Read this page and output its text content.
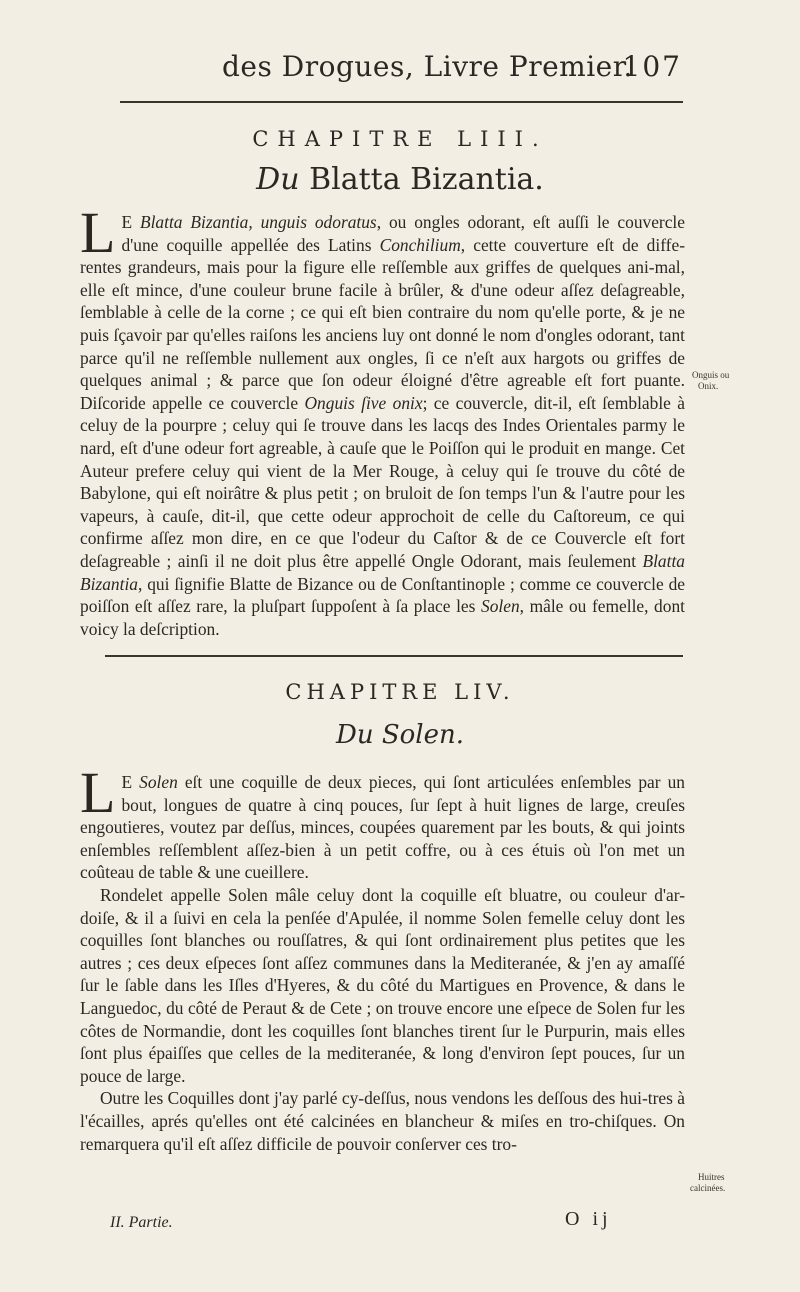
des Drogues, Livre Premier.
107
CHAPITRE LIII.
Du Blatta Bizantia.

L E Blatta Bizantia, unguis odoratus, ou ongles odorant, eſt auſſi le couvercle d'une coquille appellée des Latins Conchilium, cette couverture eſt de diffe-rentes grandeurs, mais pour la figure elle reſſemble aux griffes de quelques ani-mal, elle eſt mince, d'une couleur brune facile à brûler, & d'une odeur aſſez deſagreable, ſemblable à celle de la corne ; ce qui eſt bien contraire du nom qu'elle porte, & je ne puis ſçavoir par qu'elles raiſons les anciens luy ont donné le nom d'ongles odorant, tant parce qu'il ne reſſemble nullement aux ongles, ſi ce n'eſt aux hargots ou griffes de quelques animal ; & parce que ſon odeur éloigné d'être agreable eſt fort puante. Diſcoride appelle ce couvercle Onguis ſive onix; ce couvercle, dit-il, eſt ſemblable à celuy de la pourpre ; celuy qui ſe trouve dans les lacqs des Indes Orientales parmy le nard, eſt d'une odeur fort agreable, à cauſe que le Poiſſon qui le produit en mange. Cet Auteur prefere celuy qui vient de la Mer Rouge, à celuy qui ſe trouve du côté de Babylone, qui eſt noirâtre & plus petit ; on bruloit de ſon temps l'un & l'autre pour les vapeurs, à cauſe, dit-il, que cette odeur approchoit de celle du Caſtoreum, ce qui confirme aſſez mon dire, en ce que l'odeur du Caſtor & de ce Couvercle eſt fort deſagreable ; ainſi il ne doit plus être appellé Ongle Odorant, mais ſeulement Blatta Bizantia, qui ſignifie Blatte de Bizance ou de Conſtantinople ; comme ce couvercle de poiſſon eſt aſſez rare, la pluſpart ſuppoſent à ſa place les Solen, mâle ou femelle, dont voicy la deſcription.

Onguis ou
Onix.
CHAPITRE LIV.
Du Solen.

L E Solen eſt une coquille de deux pieces, qui ſont articulées enſembles par un bout, longues de quatre à cinq pouces, ſur ſept à huit lignes de large, creuſes engoutieres, voutez par deſſus, minces, coupées quarement par les bouts, & qui joints enſembles reſſemblent aſſez-bien à un petit coffre, ou à ces étuis où l'on met un coûteau de table & une cueillere.

Rondelet appelle Solen mâle celuy dont la coquille eſt bluatre, ou couleur d'ar-doiſe, & il a ſuivi en cela la penſée d'Apulée, il nomme Solen femelle celuy dont les coquilles ſont blanches ou rouſſatres, & qui ſont ordinairement plus petites que les autres ; ces deux eſpeces ſont aſſez communes dans la Mediteranée, & j'en ay amaſſé ſur le ſable dans les Iſles d'Hyeres, & du côté du Martigues en Provence, & dans le Languedoc, du côté de Peraut & de Cete ; on trouve encore une eſpece de Solen fur les côtes de Normandie, dont les coquilles ſont blanches tirent ſur le Purpurin, mais elles ſont plus épaiſſes que celles de la mediteranée, & long d'environ ſept pouces, ſur un pouce de large.

Outre les Coquilles dont j'ay parlé cy-deſſus, nous vendons les deſſous des hui-tres à l'écailles, aprés qu'elles ont été calcinées en blancheur & miſes en tro-chiſques. On remarquera qu'il eſt aſſez difficile de pouvoir conſerver ces tro-

Huitres
calcinées.
II. Partie.	O ij
